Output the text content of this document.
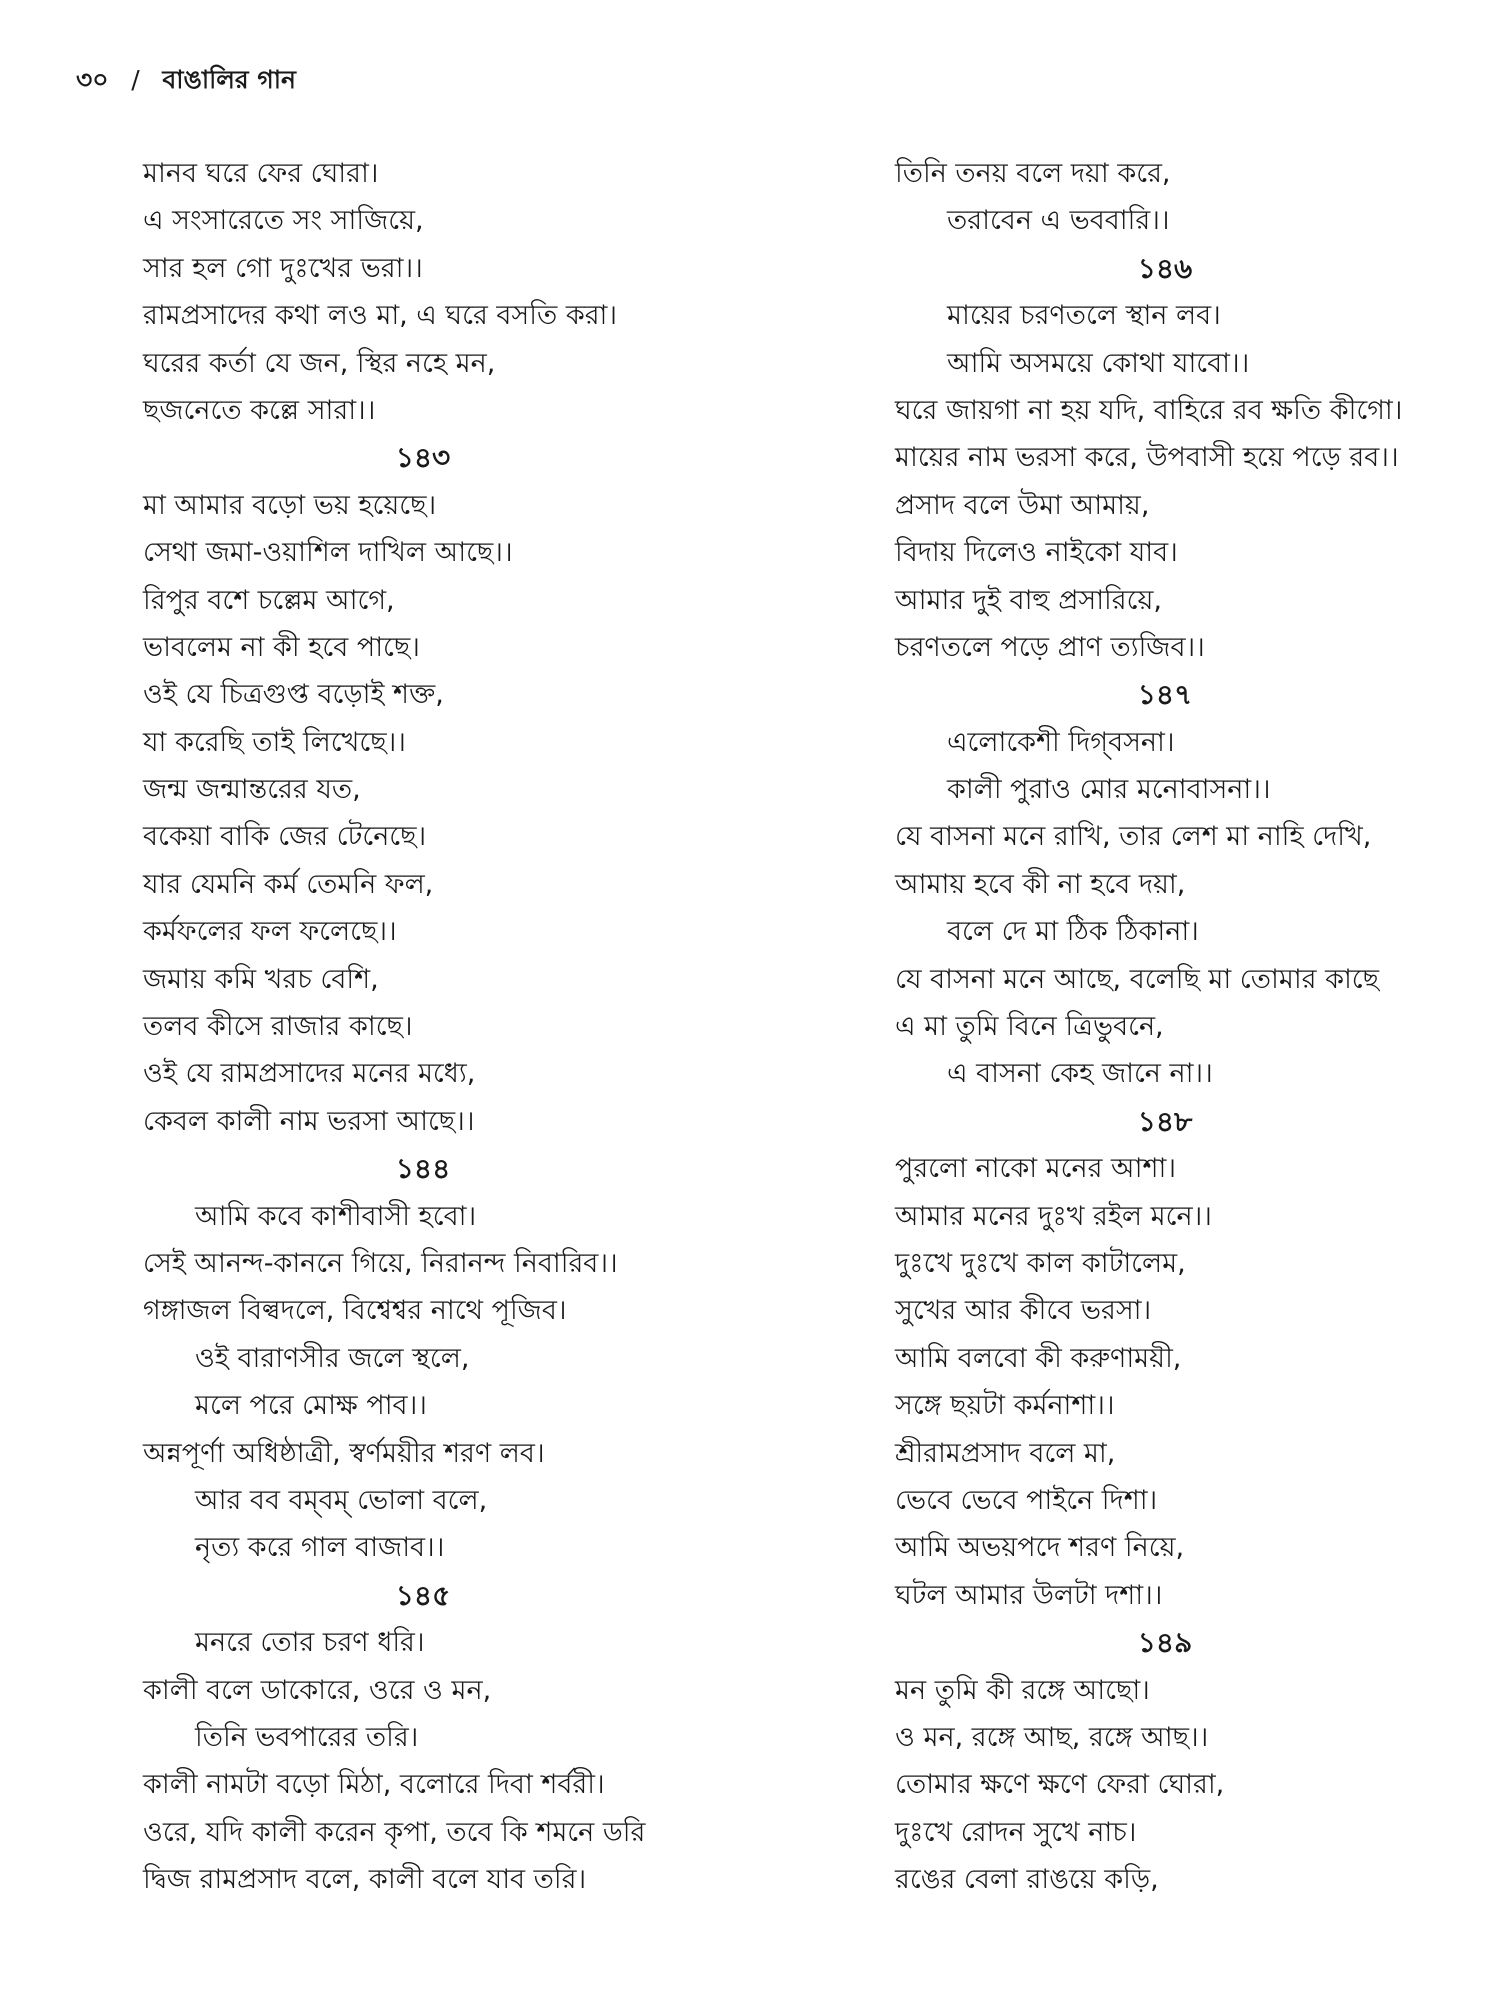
৩০ / বাঙালির গান
মানব ঘরে ফের ঘোরা।
এ সংসারেতে সং সাজিয়ে,
সার হল গো দুঃখের ভরা।।
রামপ্রসাদের কথা লও মা, এ ঘরে বসতি করা।
ঘরের কর্তা যে জন, স্থির নহে মন,
ছজনেতে কল্লে সারা।।
১৪৩
মা আমার বড়ো ভয় হয়েছে।
সেথা জমা-ওয়াশিল দাখিল আছে।।
রিপুর বশে চল্লেম আগে,
ভাবলেম না কী হবে পাছে।
ওই যে চিত্রগুপ্ত বড়োই শক্ত,
যা করেছি তাই লিখেছে।।
জন্ম জন্মান্তরের যত,
বকেয়া বাকি জের টেনেছে।
যার যেমনি কর্ম তেমনি ফল,
কর্মফলের ফল ফলেছে।।
জমায় কমি খরচ বেশি,
তলব কীসে রাজার কাছে।
ওই যে রামপ্রসাদের মনের মধ্যে,
কেবল কালী নাম ভরসা আছে।।
১৪৪
আমি কবে কাশীবাসী হবো।
সেই আনন্দ-কাননে গিয়ে, নিরানন্দ নিবারিব।।
গঙ্গাজল বিল্বদলে, বিশ্বেশ্বর নাথে পূজিব।
ওই বারাণসীর জলে স্থলে,
মলে পরে মোক্ষ পাব।।
অন্নপূর্ণা অধিষ্ঠাত্রী, স্বর্ণময়ীর শরণ লব।
আর বব বম্‌বম্‌ ভোলা বলে,
নৃত্য করে গাল বাজাব।।
১৪৫
মনরে তোর চরণ ধরি।
কালী বলে ডাকোরে, ওরে ও মন,
তিনি ভবপারের তরি।
কালী নামটা বড়ো মিঠা, বলোরে দিবা শর্বরী।
ওরে, যদি কালী করেন কৃপা, তবে কি শমনে ডরি
দ্বিজ রামপ্রসাদ বলে, কালী বলে যাব তরি।
তিনি তনয় বলে দয়া করে,
তরাবেন এ ভববারি।।
১৪৬
মায়ের চরণতলে স্থান লব।
আমি অসময়ে কোথা যাবো।।
ঘরে জায়গা না হয় যদি, বাহিরে রব ক্ষতি কীগো।
মায়ের নাম ভরসা করে, উপবাসী হয়ে পড়ে রব।।
প্রসাদ বলে উমা আমায়,
বিদায় দিলেও নাইকো যাব।
আমার দুই বাহু প্রসারিয়ে,
চরণতলে পড়ে প্রাণ ত্যজিব।।
১৪৭
এলোকেশী দিগ্‌বসনা।
কালী পুরাও মোর মনোবাসনা।।
যে বাসনা মনে রাখি, তার লেশ মা নাহি দেখি,
আমায় হবে কী না হবে দয়া,
বলে দে মা ঠিক ঠিকানা।
যে বাসনা মনে আছে, বলেছি মা তোমার কাছে
এ মা তুমি বিনে ত্রিভুবনে,
এ বাসনা কেহ জানে না।।
১৪৮
পুরলো নাকো মনের আশা।
আমার মনের দুঃখ রইল মনে।।
দুঃখে দুঃখে কাল কাটালেম,
সুখের আর কীবে ভরসা।
আমি বলবো কী করুণাময়ী,
সঙ্গে ছয়টা কর্মনাশা।।
শ্রীরামপ্রসাদ বলে মা,
ভেবে ভেবে পাইনে দিশা।
আমি অভয়পদে শরণ নিয়ে,
ঘটল আমার উলটা দশা।।
১৪৯
মন তুমি কী রঙ্গে আছো।
ও মন, রঙ্গে আছ, রঙ্গে আছ।।
তোমার ক্ষণে ক্ষণে ফেরা ঘোরা,
দুঃখে রোদন সুখে নাচ।
রঙের বেলা রাঙয়ে কড়ি,
